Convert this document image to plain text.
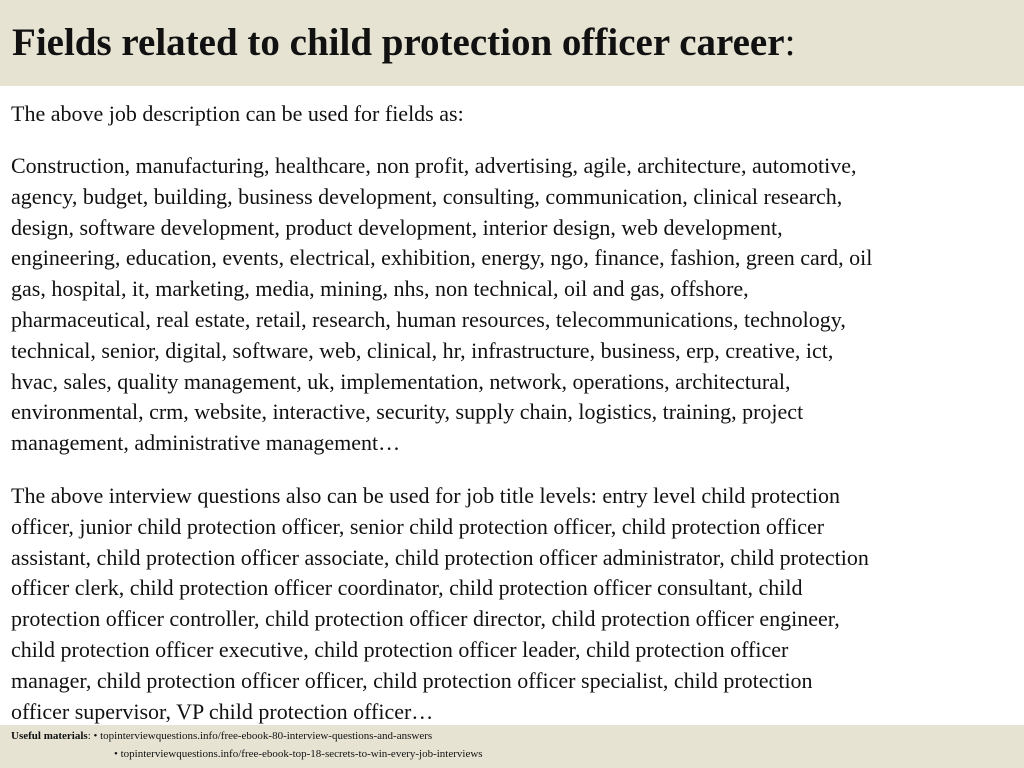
Fields related to child protection officer career:

The above job description can be used for fields as:

Construction, manufacturing, healthcare, non profit, advertising, agile, architecture, automotive,
agency, budget, building, business development, consulting, communication, clinical research,
design, software development, product development, interior design, web development,
engineering, education, events, electrical, exhibition, energy, ngo, finance, fashion, green card, oil
gas, hospital, it, marketing, media, mining, nhs, non technical, oil and gas, offshore,
pharmaceutical, real estate, retail, research, human resources, telecommunications, technology,
technical, senior, digital, software, web, clinical, hr, infrastructure, business, erp, creative, ict,
hvac, sales, quality management, uk, implementation, network, operations, architectural,
environmental, crm, website, interactive, security, supply chain, logistics, training, project
management, administrative management…

The above interview questions also can be used for job title levels: entry level child protection
officer, junior child protection officer, senior child protection officer, child protection officer
assistant, child protection officer associate, child protection officer administrator, child protection
officer clerk, child protection officer coordinator, child protection officer consultant, child
protection officer controller, child protection officer director, child protection officer engineer,
child protection officer executive, child protection officer leader, child protection officer
manager, child protection officer officer, child protection officer specialist, child protection
officer supervisor, VP child protection officer…

Useful materials: • topinterviewquestions.info/free-ebook-80-interview-questions-and-answers
• topinterviewquestions.info/free-ebook-top-18-secrets-to-win-every-job-interviews
